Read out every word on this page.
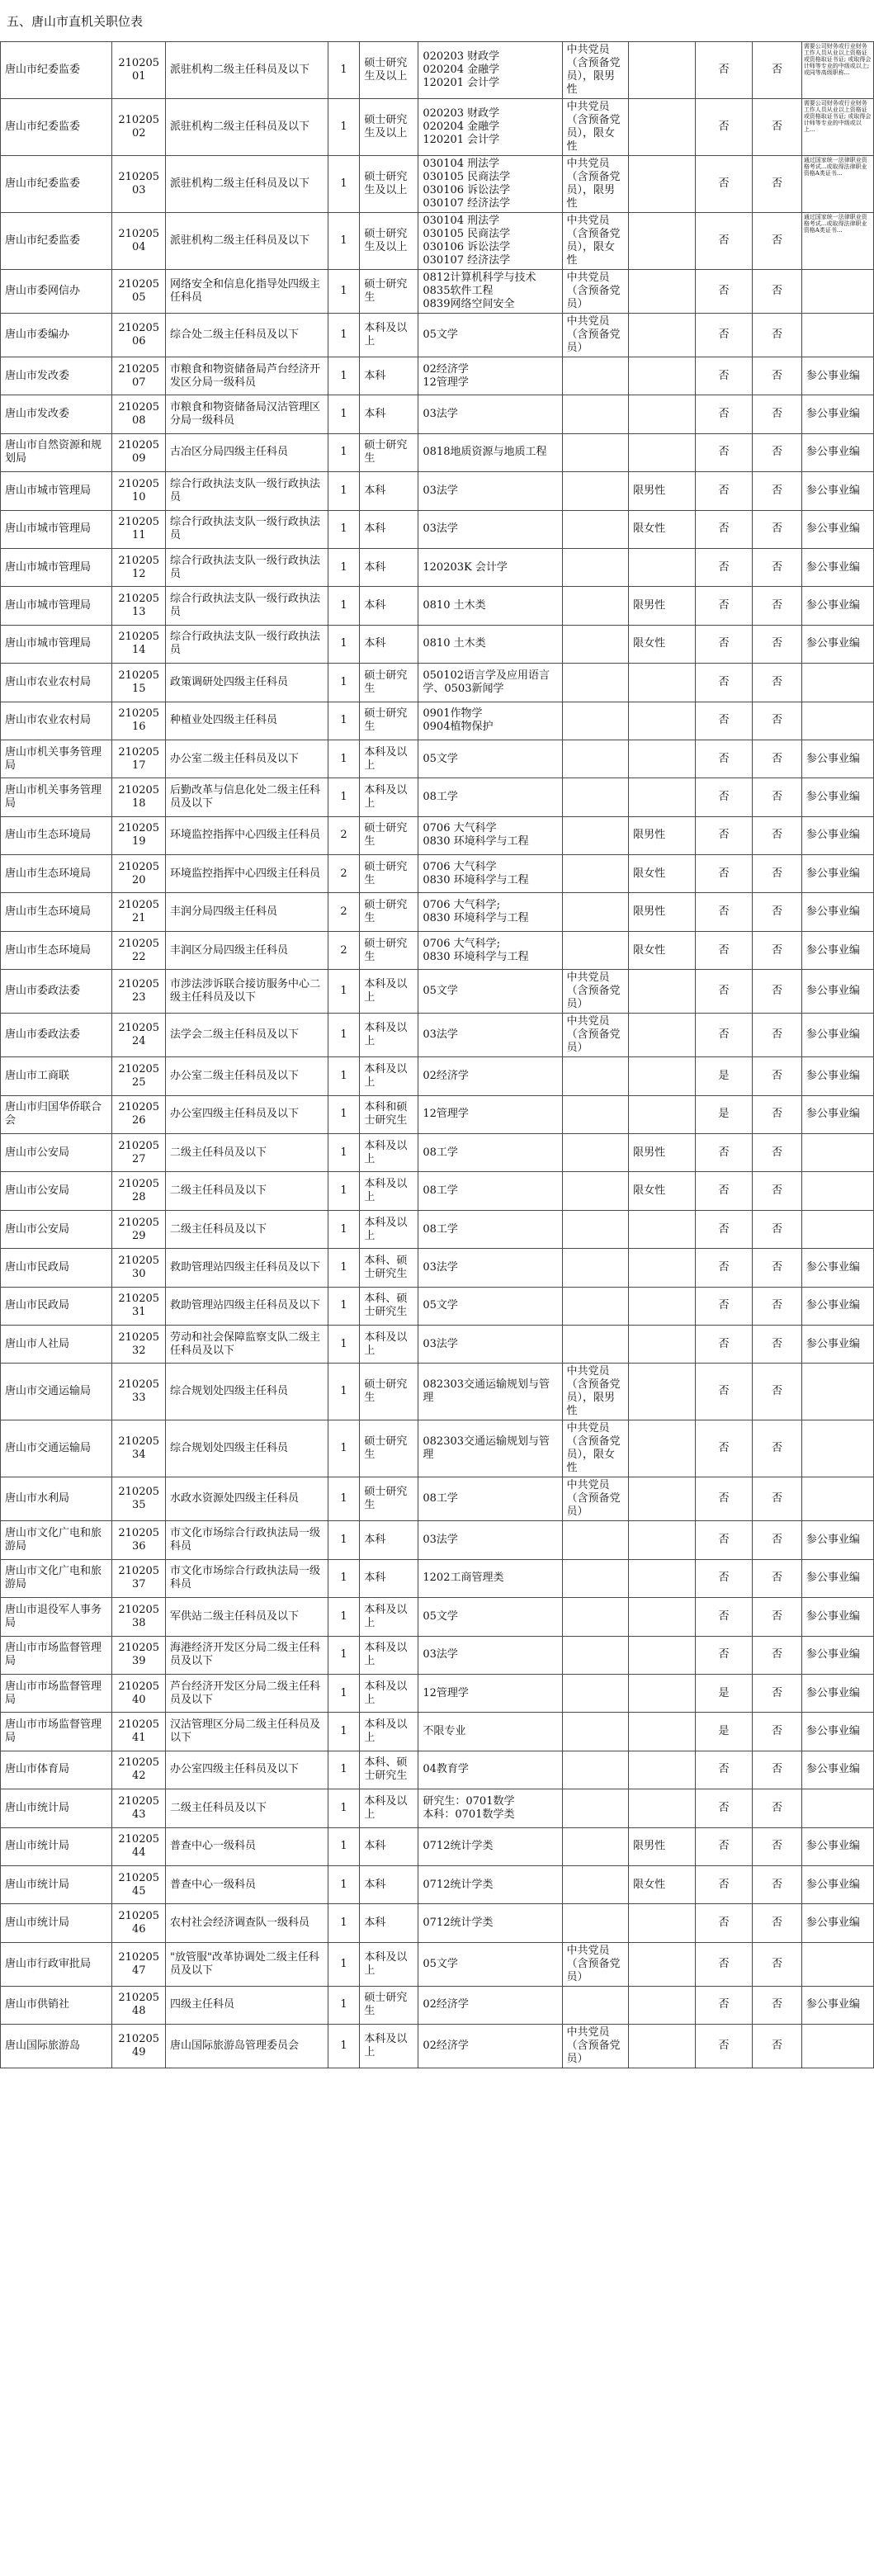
五、唐山市直机关职位表
唐山市纪委监委	21020501	派驻机构二级主任科员及以下	1	硕士研究生及以上	020203 财政学
020204 金融学
120201 会计学	中共党员（含预备党员），限男性		否	否	需要公司财务或行业财务工作人员从业以上资格证或资格取证书证; 或取得会计师等专业的中级或以上; 或同等高级职称...
唐山市纪委监委	21020502	派驻机构二级主任科员及以下	1	硕士研究生及以上	020203 财政学
020204 金融学
120201 会计学	中共党员（含预备党员），限女性		否	否	需要公司财务或行业财务工作人员从业以上资格证或资格取证书证; 或取得会计师等专业的中级或以上...
唐山市纪委监委	21020503	派驻机构二级主任科员及以下	1	硕士研究生及以上	030104 刑法学
030105 民商法学
030106 诉讼法学
030107 经济法学	中共党员（含预备党员），限男性		否	否	通过国家统一法律职业资格考试...或取得法律职业资格A类证书...
唐山市纪委监委	21020504	派驻机构二级主任科员及以下	1	硕士研究生及以上	030104 刑法学
030105 民商法学
030106 诉讼法学
030107 经济法学	中共党员（含预备党员），限女性		否	否	通过国家统一法律职业资格考试...或取得法律职业资格A类证书...
唐山市委网信办	21020505	网络安全和信息化指导处四级主任科员	1	硕士研究生	0812计算机科学与技术
0835软件工程
0839网络空间安全	中共党员（含预备党员）		否	否	
唐山市委编办	21020506	综合处二级主任科员及以下	1	本科及以上	05文学	中共党员（含预备党员）		否	否	
唐山市发改委	21020507	市粮食和物资储备局芦台经济开发区分局一级科员	1	本科	02经济学
12管理学			否	否	参公事业编
唐山市发改委	21020508	市粮食和物资储备局汉沽管理区分局一级科员	1	本科	03法学			否	否	参公事业编
唐山市自然资源和规划局	21020509	古冶区分局四级主任科员	1	硕士研究生	0818地质资源与地质工程			否	否	参公事业编
唐山市城市管理局	21020510	综合行政执法支队一级行政执法员	1	本科	03法学		限男性	否	否	参公事业编
唐山市城市管理局	21020511	综合行政执法支队一级行政执法员	1	本科	03法学		限女性	否	否	参公事业编
唐山市城市管理局	21020512	综合行政执法支队一级行政执法员	1	本科	120203K 会计学			否	否	参公事业编
唐山市城市管理局	21020513	综合行政执法支队一级行政执法员	1	本科	0810 土木类		限男性	否	否	参公事业编
唐山市城市管理局	21020514	综合行政执法支队一级行政执法员	1	本科	0810 土木类		限女性	否	否	参公事业编
唐山市农业农村局	21020515	政策调研处四级主任科员	1	硕士研究生	050102语言学及应用语言学、0503新闻学			否	否	
唐山市农业农村局	21020516	种植业处四级主任科员	1	硕士研究生	0901作物学
0904植物保护			否	否	
唐山市机关事务管理局	21020517	办公室二级主任科员及以下	1	本科及以上	05文学			否	否	参公事业编
唐山市机关事务管理局	21020518	后勤改革与信息化处二级主任科员及以下	1	本科及以上	08工学			否	否	参公事业编
唐山市生态环境局	21020519	环境监控指挥中心四级主任科员	2	硕士研究生	0706 大气科学
0830 环境科学与工程		限男性	否	否	参公事业编
唐山市生态环境局	21020520	环境监控指挥中心四级主任科员	2	硕士研究生	0706 大气科学
0830 环境科学与工程		限女性	否	否	参公事业编
唐山市生态环境局	21020521	丰润分局四级主任科员	2	硕士研究生	0706 大气科学;
0830 环境科学与工程		限男性	否	否	参公事业编
唐山市生态环境局	21020522	丰润区分局四级主任科员	2	硕士研究生	0706 大气科学;
0830 环境科学与工程		限女性	否	否	参公事业编
唐山市委政法委	21020523	市涉法涉诉联合接访服务中心二级主任科员及以下	1	本科及以上	05文学	中共党员（含预备党员）		否	否	参公事业编
唐山市委政法委	21020524	法学会二级主任科员及以下	1	本科及以上	03法学	中共党员（含预备党员）		否	否	参公事业编
唐山市工商联	21020525	办公室二级主任科员及以下	1	本科及以上	02经济学			是	否	参公事业编
唐山市归国华侨联合会	21020526	办公室四级主任科员及以下	1	本科和硕士研究生	12管理学			是	否	参公事业编
唐山市公安局	21020527	二级主任科员及以下	1	本科及以上	08工学		限男性	否	否	
唐山市公安局	21020528	二级主任科员及以下	1	本科及以上	08工学		限女性	否	否	
唐山市公安局	21020529	二级主任科员及以下	1	本科及以上	08工学			否	否	
唐山市民政局	21020530	救助管理站四级主任科员及以下	1	本科、硕士研究生	03法学			否	否	参公事业编
唐山市民政局	21020531	救助管理站四级主任科员及以下	1	本科、硕士研究生	05文学			否	否	参公事业编
唐山市人社局	21020532	劳动和社会保障监察支队二级主任科员及以下	1	本科及以上	03法学			否	否	参公事业编
唐山市交通运输局	21020533	综合规划处四级主任科员	1	硕士研究生	082303交通运输规划与管理	中共党员（含预备党员），限男性		否	否	
唐山市交通运输局	21020534	综合规划处四级主任科员	1	硕士研究生	082303交通运输规划与管理	中共党员（含预备党员），限女性		否	否	
唐山市水利局	21020535	水政水资源处四级主任科员	1	硕士研究生	08工学	中共党员（含预备党员）		否	否	
唐山市文化广电和旅游局	21020536	市文化市场综合行政执法局一级科员	1	本科	03法学			否	否	参公事业编
唐山市文化广电和旅游局	21020537	市文化市场综合行政执法局一级科员	1	本科	1202工商管理类			否	否	参公事业编
唐山市退役军人事务局	21020538	军供站二级主任科员及以下	1	本科及以上	05文学			否	否	参公事业编
唐山市市场监督管理局	21020539	海港经济开发区分局二级主任科员及以下	1	本科及以上	03法学			否	否	参公事业编
唐山市市场监督管理局	21020540	芦台经济开发区分局二级主任科员及以下	1	本科及以上	12管理学			是	否	参公事业编
唐山市市场监督管理局	21020541	汉沽管理区分局二级主任科员及以下	1	本科及以上	不限专业			是	否	参公事业编
唐山市体育局	21020542	办公室四级主任科员及以下	1	本科、硕士研究生	04教育学			否	否	参公事业编
唐山市统计局	21020543	二级主任科员及以下	1	本科及以上	研究生：0701数学
本科：0701数学类			否	否	
唐山市统计局	21020544	普查中心一级科员	1	本科	0712统计学类		限男性	否	否	参公事业编
唐山市统计局	21020545	普查中心一级科员	1	本科	0712统计学类		限女性	否	否	参公事业编
唐山市统计局	21020546	农村社会经济调查队一级科员	1	本科	0712统计学类			否	否	参公事业编
唐山市行政审批局	21020547	"放管服"改革协调处二级主任科员及以下	1	本科及以上	05文学	中共党员（含预备党员）		否	否	
唐山市供销社	21020548	四级主任科员	1	硕士研究生	02经济学			否	否	参公事业编
唐山国际旅游岛	21020549	唐山国际旅游岛管理委员会	1	本科及以上	02经济学	中共党员（含预备党员）		否	否	
